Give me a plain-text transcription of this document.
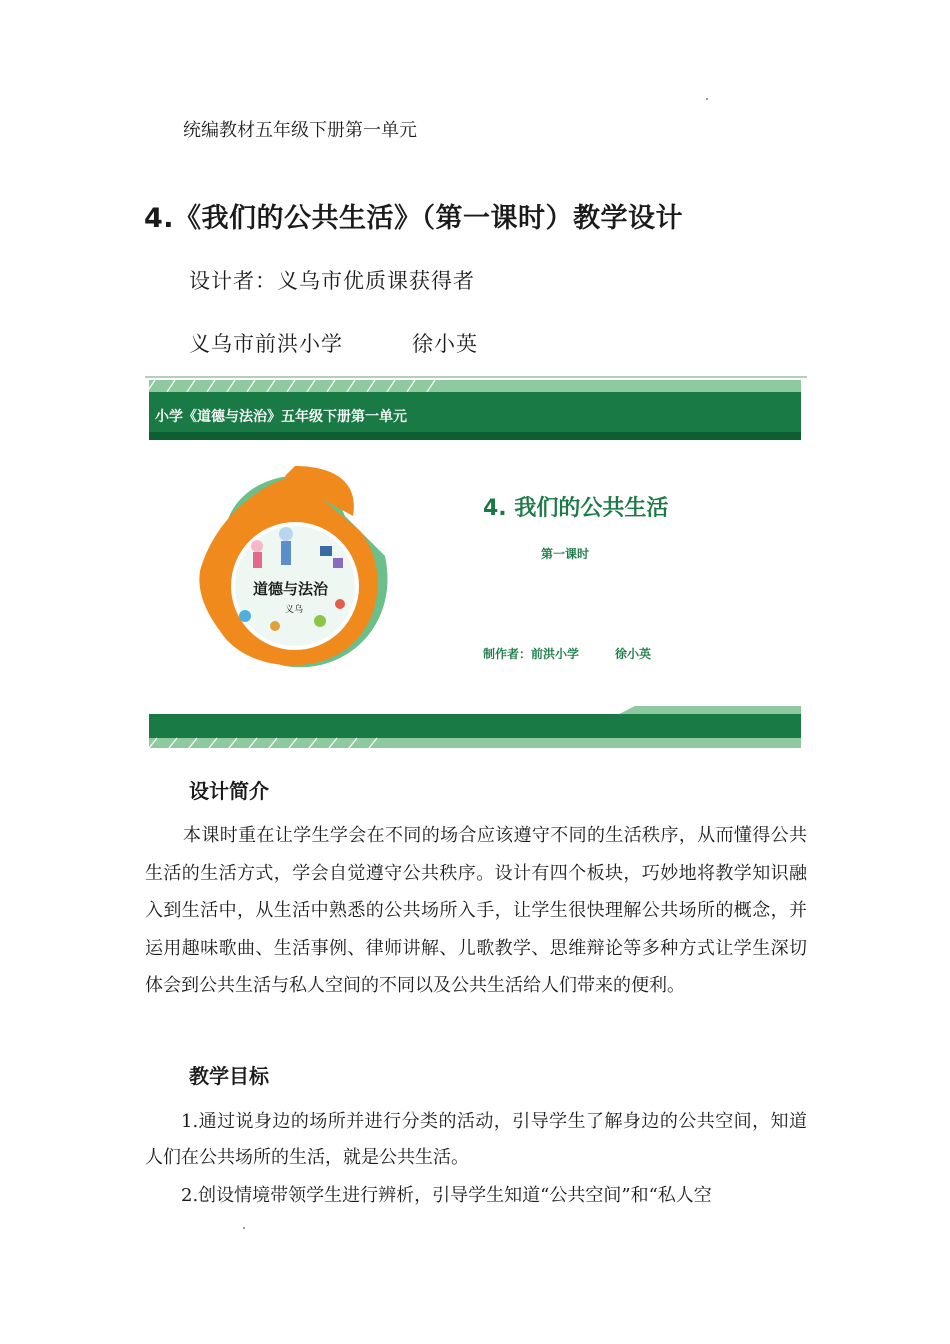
统编教材五年级下册第一单元
4.《我们的公共生活》（第一课时）教学设计
设计者：义乌市优质课获得者
义乌市前洪小学	徐小英
小学《道德与法治》五年级下册第一单元
道德与法治
义乌
4. 我们的公共生活
第一课时
制作者：前洪小学	徐小英
设计简介
本课时重在让学生学会在不同的场合应该遵守不同的生活秩序，从而懂得公共生活的生活方式，学会自觉遵守公共秩序。设计有四个板块，巧妙地将教学知识融入到生活中，从生活中熟悉的公共场所入手，让学生很快理解公共场所的概念，并运用趣味歌曲、生活事例、律师讲解、儿歌教学、思维辩论等多种方式让学生深切体会到公共生活与私人空间的不同以及公共生活给人们带来的便利。
教学目标
1.通过说身边的场所并进行分类的活动，引导学生了解身边的公共空间，知道人们在公共场所的生活，就是公共生活。
2.创设情境带领学生进行辨析，引导学生知道“公共空间”和“私人空
